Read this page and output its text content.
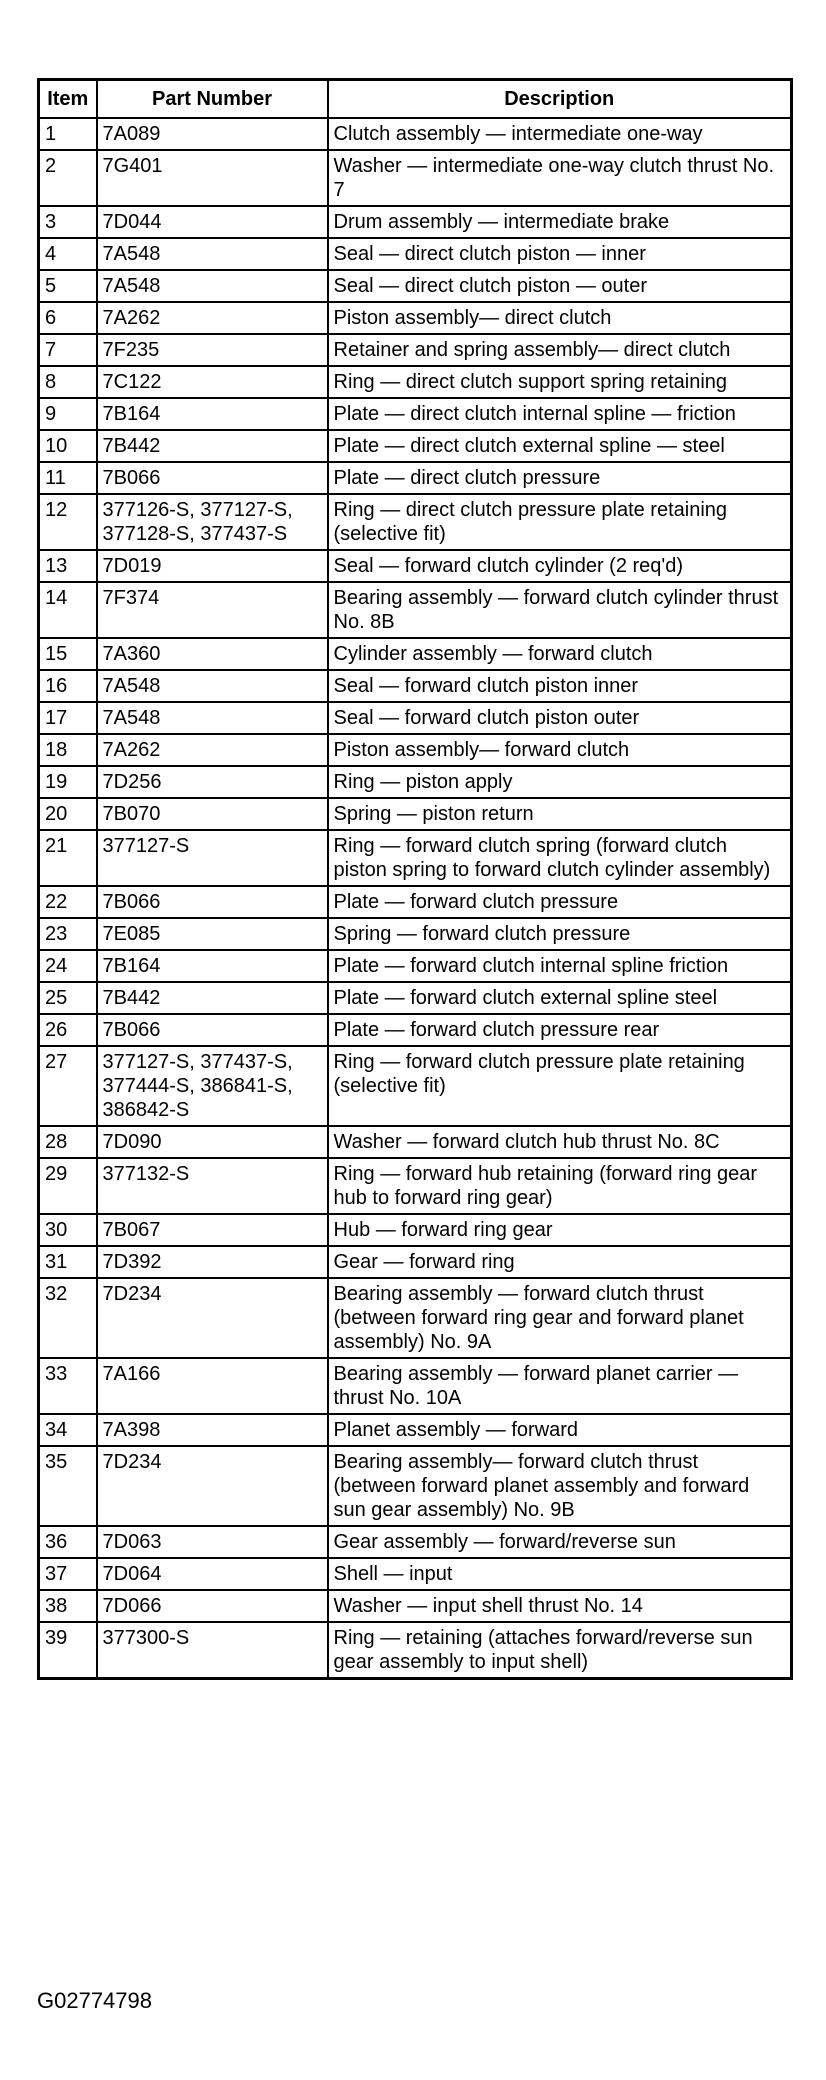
Item	Part Number	Description
1	7A089	Clutch assembly — intermediate one-way
2	7G401	Washer — intermediate one-way clutch thrust No. 7
3	7D044	Drum assembly — intermediate brake
4	7A548	Seal — direct clutch piston — inner
5	7A548	Seal — direct clutch piston — outer
6	7A262	Piston assembly— direct clutch
7	7F235	Retainer and spring assembly— direct clutch
8	7C122	Ring — direct clutch support spring retaining
9	7B164	Plate — direct clutch internal spline — friction
10	7B442	Plate — direct clutch external spline — steel
11	7B066	Plate — direct clutch pressure
12	377126-S, 377127-S, 377128-S, 377437-S	Ring — direct clutch pressure plate retaining (selective fit)
13	7D019	Seal — forward clutch cylinder (2 req'd)
14	7F374	Bearing assembly — forward clutch cylinder thrust No. 8B
15	7A360	Cylinder assembly — forward clutch
16	7A548	Seal — forward clutch piston inner
17	7A548	Seal — forward clutch piston outer
18	7A262	Piston assembly— forward clutch
19	7D256	Ring — piston apply
20	7B070	Spring — piston return
21	377127-S	Ring — forward clutch spring (forward clutch piston spring to forward clutch cylinder assembly)
22	7B066	Plate — forward clutch pressure
23	7E085	Spring — forward clutch pressure
24	7B164	Plate — forward clutch internal spline friction
25	7B442	Plate — forward clutch external spline steel
26	7B066	Plate — forward clutch pressure rear
27	377127-S, 377437-S, 377444-S, 386841-S, 386842-S	Ring — forward clutch pressure plate retaining (selective fit)
28	7D090	Washer — forward clutch hub thrust No. 8C
29	377132-S	Ring — forward hub retaining (forward ring gear hub to forward ring gear)
30	7B067	Hub — forward ring gear
31	7D392	Gear — forward ring
32	7D234	Bearing assembly — forward clutch thrust (between forward ring gear and forward planet assembly) No. 9A
33	7A166	Bearing assembly — forward planet carrier — thrust No. 10A
34	7A398	Planet assembly — forward
35	7D234	Bearing assembly— forward clutch thrust (between forward planet assembly and forward sun gear assembly) No. 9B
36	7D063	Gear assembly — forward/reverse sun
37	7D064	Shell — input
38	7D066	Washer — input shell thrust No. 14
39	377300-S	Ring — retaining (attaches forward/reverse sun gear assembly to input shell)
G02774798
